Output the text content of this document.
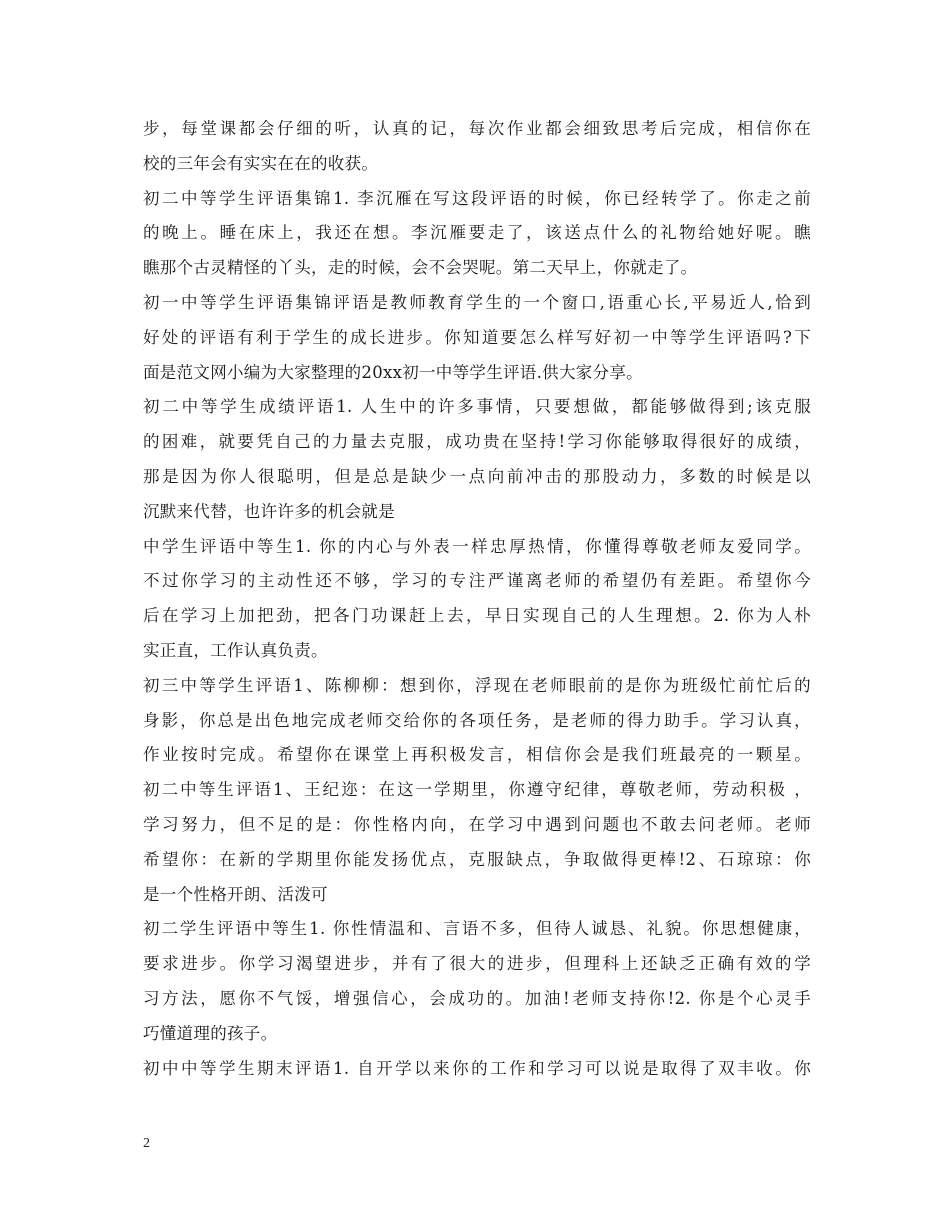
步，每堂课都会仔细的听，认真的记，每次作业都会细致思考后完成，相信你在
校的三年会有实实在在的收获。
初二中等学生评语集锦1. 李沉雁在写这段评语的时候，你已经转学了。你走之前
的晚上。睡在床上，我还在想。李沉雁要走了，该送点什么的礼物给她好呢。瞧
瞧那个古灵精怪的丫头，走的时候，会不会哭呢。第二天早上，你就走了。
初一中等学生评语集锦评语是教师教育学生的一个窗口,语重心长,平易近人,恰到
好处的评语有利于学生的成长进步。你知道要怎么样写好初一中等学生评语吗?下
面是范文网小编为大家整理的20xx初一中等学生评语.供大家分享。
初二中等学生成绩评语1. 人生中的许多事情，只要想做，都能够做得到;该克服
的困难，就要凭自己的力量去克服，成功贵在坚持!学习你能够取得很好的成绩，
那是因为你人很聪明，但是总是缺少一点向前冲击的那股动力，多数的时候是以
沉默来代替，也许许多的机会就是
中学生评语中等生1. 你的内心与外表一样忠厚热情，你懂得尊敬老师友爱同学。
不过你学习的主动性还不够，学习的专注严谨离老师的希望仍有差距。希望你今
后在学习上加把劲，把各门功课赶上去，早日实现自己的人生理想。2. 你为人朴
实正直，工作认真负责。
初三中等学生评语1、陈柳柳：想到你，浮现在老师眼前的是你为班级忙前忙后的
身影，你总是出色地完成老师交给你的各项任务，是老师的得力助手。学习认真，
作业按时完成。希望你在课堂上再积极发言，相信你会是我们班最亮的一颗星。
初二中等生评语1、王纪迩：在这一学期里，你遵守纪律，尊敬老师，劳动积极 ，
学习努力，但不足的是：你性格内向，在学习中遇到问题也不敢去问老师。老师
希望你：在新的学期里你能发扬优点，克服缺点，争取做得更棒!2、石琼琼：你
是一个性格开朗、活泼可
初二学生评语中等生1. 你性情温和、言语不多，但待人诚恳、礼貌。你思想健康，
要求进步。你学习渴望进步，并有了很大的进步，但理科上还缺乏正确有效的学
习方法，愿你不气馁，增强信心，会成功的。加油!老师支持你!2. 你是个心灵手
巧懂道理的孩子。
初中中等学生期末评语1. 自开学以来你的工作和学习可以说是取得了双丰收。你
2
